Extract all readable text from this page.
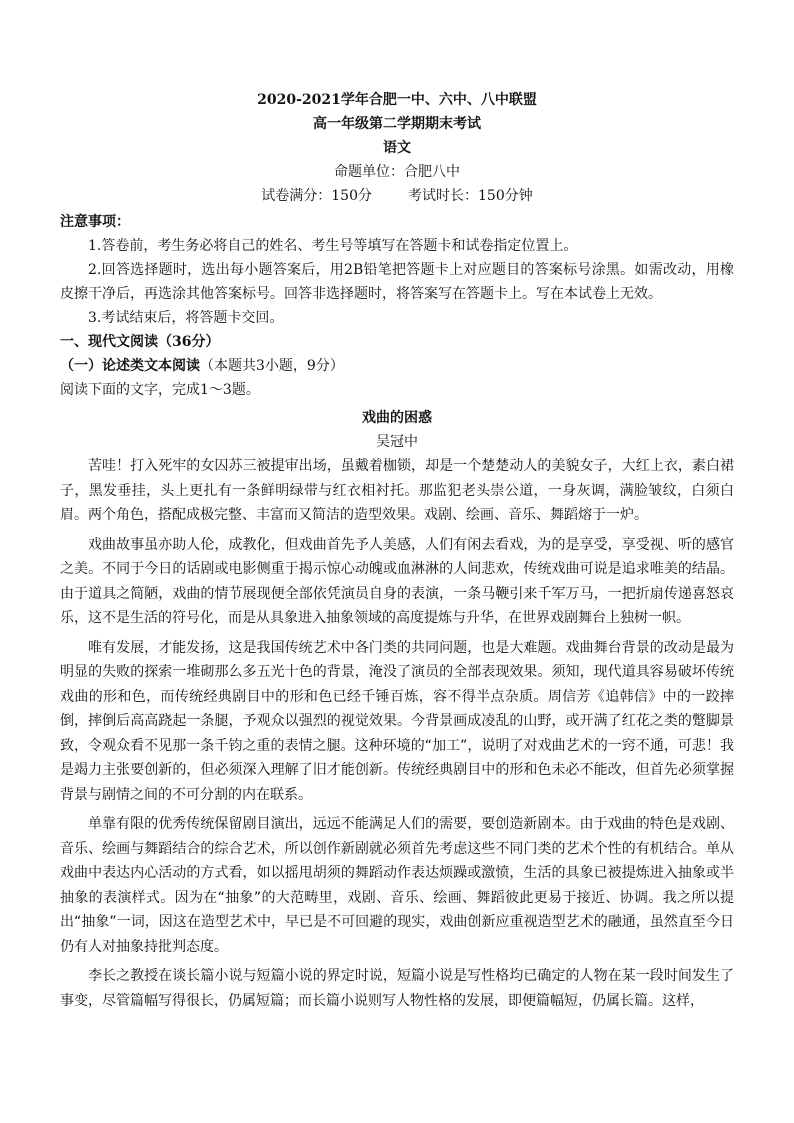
2020-2021学年合肥一中、六中、八中联盟
高一年级第二学期期末考试
语文
命题单位：合肥八中
试卷满分：150分	考试时长：150分钟
注意事项：
1.答卷前，考生务必将自己的姓名、考生号等填写在答题卡和试卷指定位置上。
2.回答选择题时，选出每小题答案后，用2B铅笔把答题卡上对应题目的答案标号涂黑。如需改动，用橡皮擦干净后，再选涂其他答案标号。回答非选择题时，将答案写在答题卡上。写在本试卷上无效。
3.考试结束后，将答题卡交回。
一、现代文阅读（36分）
（一）论述类文本阅读（本题共3小题，9分）
阅读下面的文字，完成1～3题。
戏曲的困惑
吴冠中

苦哇！打入死牢的女囚苏三被提审出场，虽戴着枷锁，却是一个楚楚动人的美貌女子，大红上衣，素白裙子，黑发垂挂，头上更扎有一条鲜明绿带与红衣相衬托。那监犯老头崇公道，一身灰调，满脸皱纹，白须白眉。两个角色，搭配成极完整、丰富而又简洁的造型效果。戏剧、绘画、音乐、舞蹈熔于一炉。

戏曲故事虽亦助人伦，成教化，但戏曲首先予人美感，人们有闲去看戏，为的是享受，享受视、听的感官之美。不同于今日的话剧或电影侧重于揭示惊心动魄或血淋淋的人间悲欢，传统戏曲可说是追求唯美的结晶。由于道具之简陋，戏曲的情节展现便全部依凭演员自身的表演，一条马鞭引来千军万马，一把折扇传递喜怒哀乐，这不是生活的符号化，而是从具象进入抽象领域的高度提炼与升华，在世界戏剧舞台上独树一帜。

唯有发展，才能发扬，这是我国传统艺术中各门类的共同问题，也是大难题。戏曲舞台背景的改动是最为明显的失败的探索一堆砌那么多五光十色的背景，淹没了演员的全部表现效果。须知，现代道具容易破坏传统戏曲的形和色，而传统经典剧目中的形和色已经千锤百炼，容不得半点杂质。周信芳《追韩信》中的一跤摔倒，摔倒后高高跷起一条腿，予观众以强烈的视觉效果。今背景画成凌乱的山野，或开满了红花之类的蹩脚景致，令观众看不见那一条千钧之重的表情之腿。这种环境的“加工”，说明了对戏曲艺术的一窍不通，可悲！我是竭力主张要创新的，但必须深入理解了旧才能创新。传统经典剧目中的形和色未必不能改，但首先必须掌握背景与剧情之间的不可分割的内在联系。

单靠有限的优秀传统保留剧目演出，远远不能满足人们的需要，要创造新剧本。由于戏曲的特色是戏剧、音乐、绘画与舞蹈结合的综合艺术，所以创作新剧就必须首先考虑这些不同门类的艺术个性的有机结合。单从戏曲中表达内心活动的方式看，如以摇甩胡须的舞蹈动作表达烦躁或激愤，生活的具象已被提炼进入抽象或半抽象的表演样式。因为在“抽象”的大范畴里，戏剧、音乐、绘画、舞蹈彼此更易于接近、协调。我之所以提出“抽象”一词，因这在造型艺术中，早已是不可回避的现实，戏曲创新应重视造型艺术的融通，虽然直至今日仍有人对抽象持批判态度。

李长之教授在谈长篇小说与短篇小说的界定时说，短篇小说是写性格均已确定的人物在某一段时间发生了事变，尽管篇幅写得很长，仍属短篇；而长篇小说则写人物性格的发展，即便篇幅短，仍属长篇。这样，
